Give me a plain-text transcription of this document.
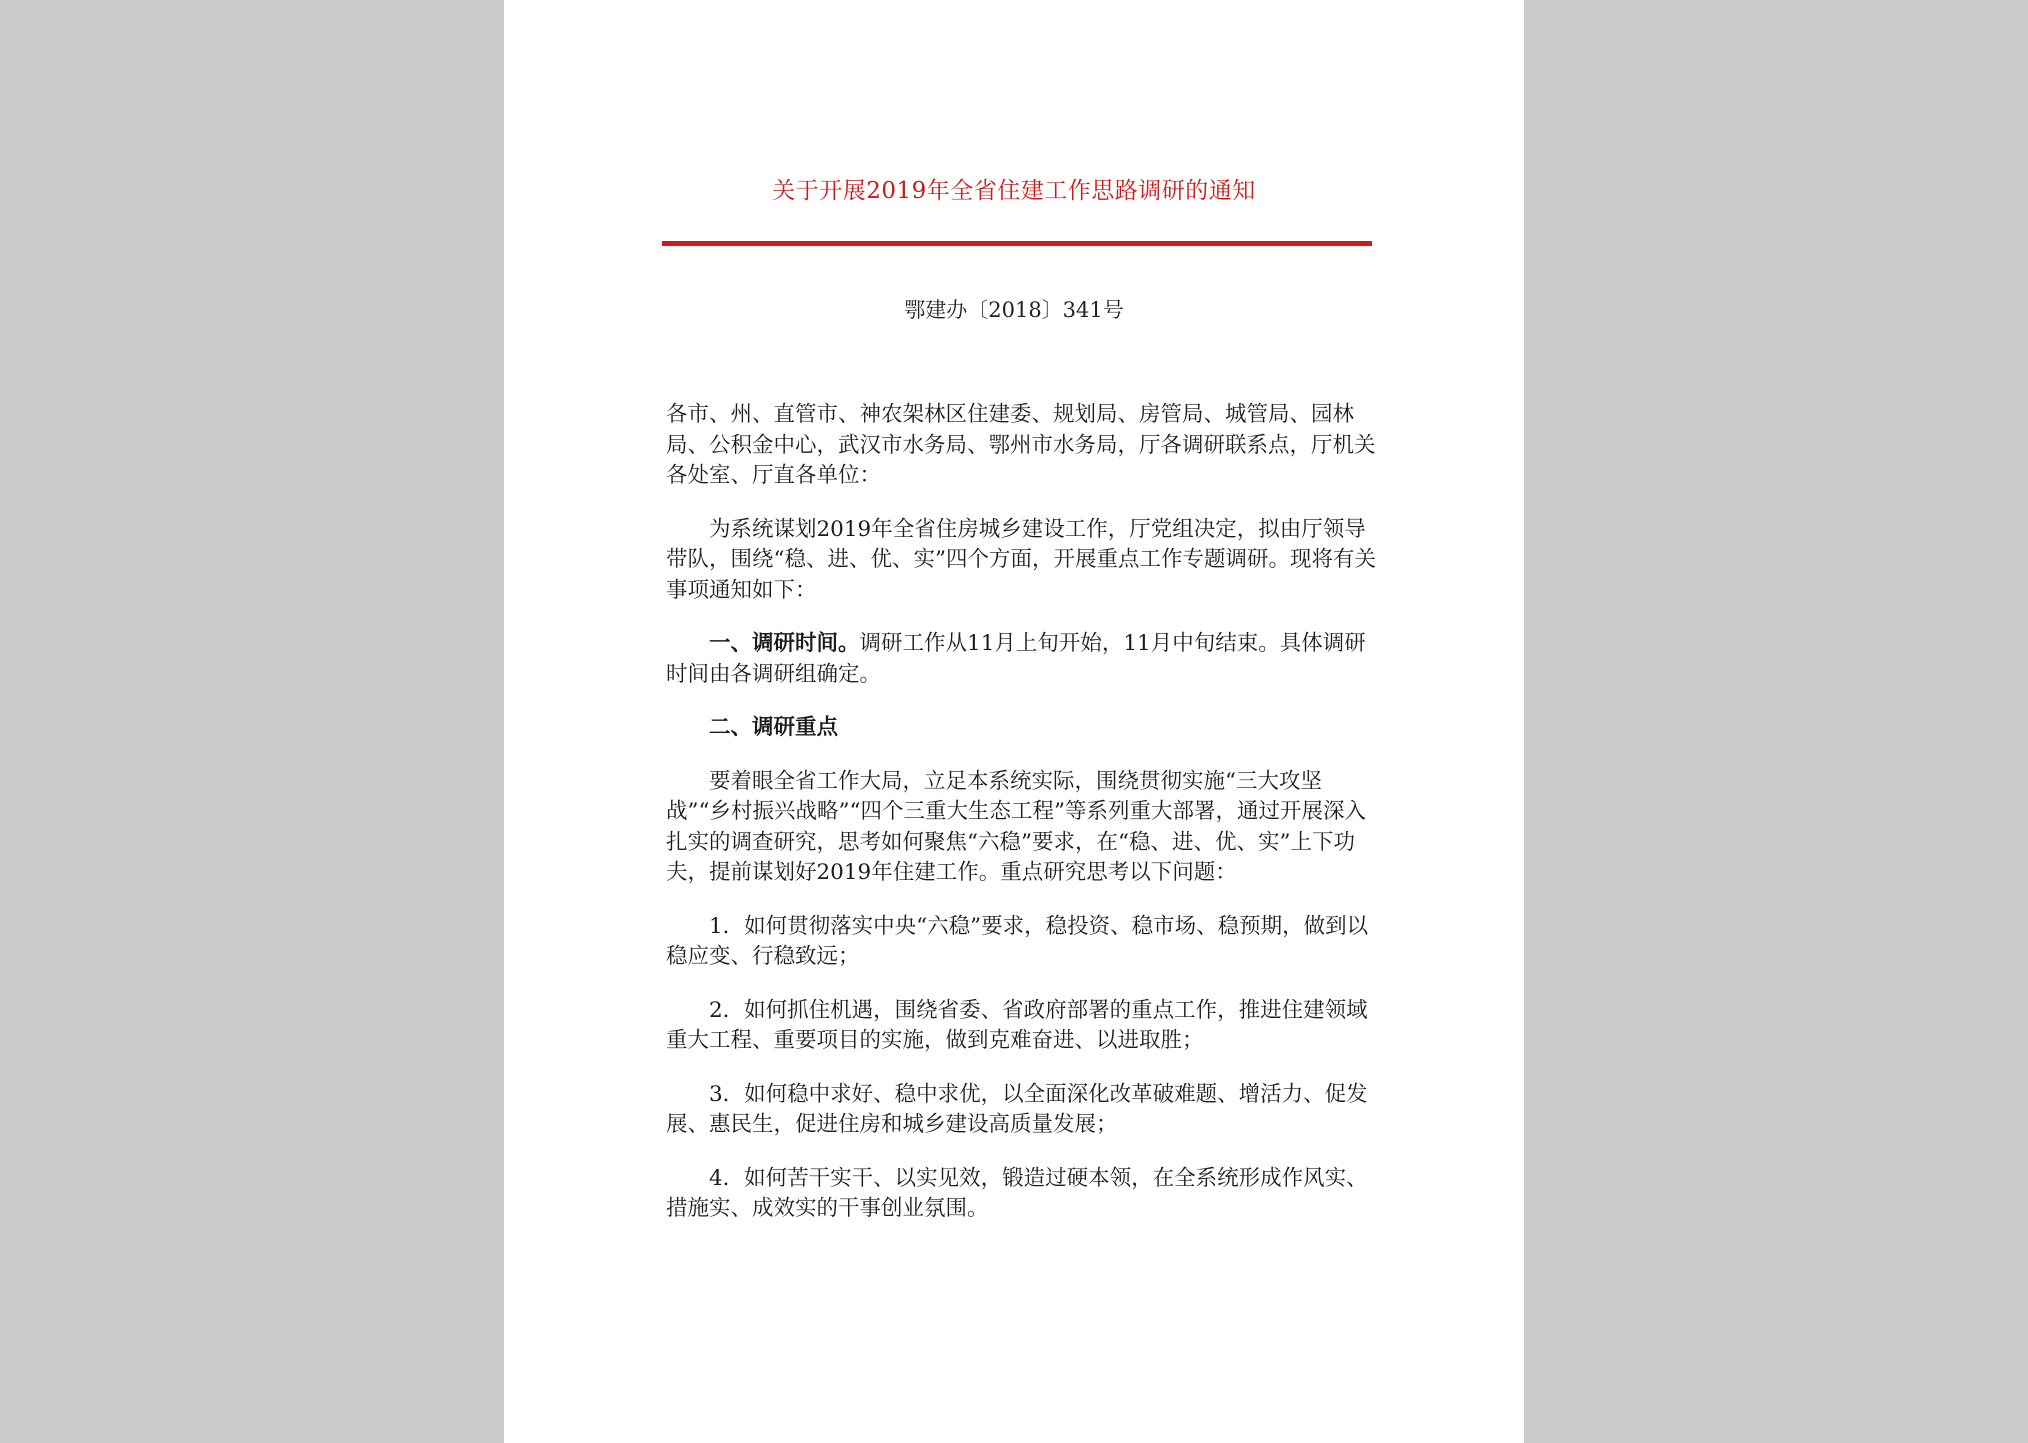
关于开展2019年全省住建工作思路调研的通知
鄂建办〔2018〕341号

各市、州、直管市、神农架林区住建委、规划局、房管局、城管局、园林局、公积金中心，武汉市水务局、鄂州市水务局，厅各调研联系点，厅机关各处室、厅直各单位：

为系统谋划2019年全省住房城乡建设工作，厅党组决定，拟由厅领导带队，围绕“稳、进、优、实”四个方面，开展重点工作专题调研。现将有关事项通知如下：

一、调研时间。调研工作从11月上旬开始，11月中旬结束。具体调研时间由各调研组确定。

二、调研重点

要着眼全省工作大局，立足本系统实际，围绕贯彻实施“三大攻坚战”“乡村振兴战略”“四个三重大生态工程”等系列重大部署，通过开展深入扎实的调查研究，思考如何聚焦“六稳”要求，在“稳、进、优、实”上下功夫，提前谋划好2019年住建工作。重点研究思考以下问题：

1．如何贯彻落实中央“六稳”要求，稳投资、稳市场、稳预期，做到以稳应变、行稳致远；

2．如何抓住机遇，围绕省委、省政府部署的重点工作，推进住建领域重大工程、重要项目的实施，做到克难奋进、以进取胜；

3．如何稳中求好、稳中求优，以全面深化改革破难题、增活力、促发展、惠民生，促进住房和城乡建设高质量发展；

4．如何苦干实干、以实见效，锻造过硬本领，在全系统形成作风实、措施实、成效实的干事创业氛围。
